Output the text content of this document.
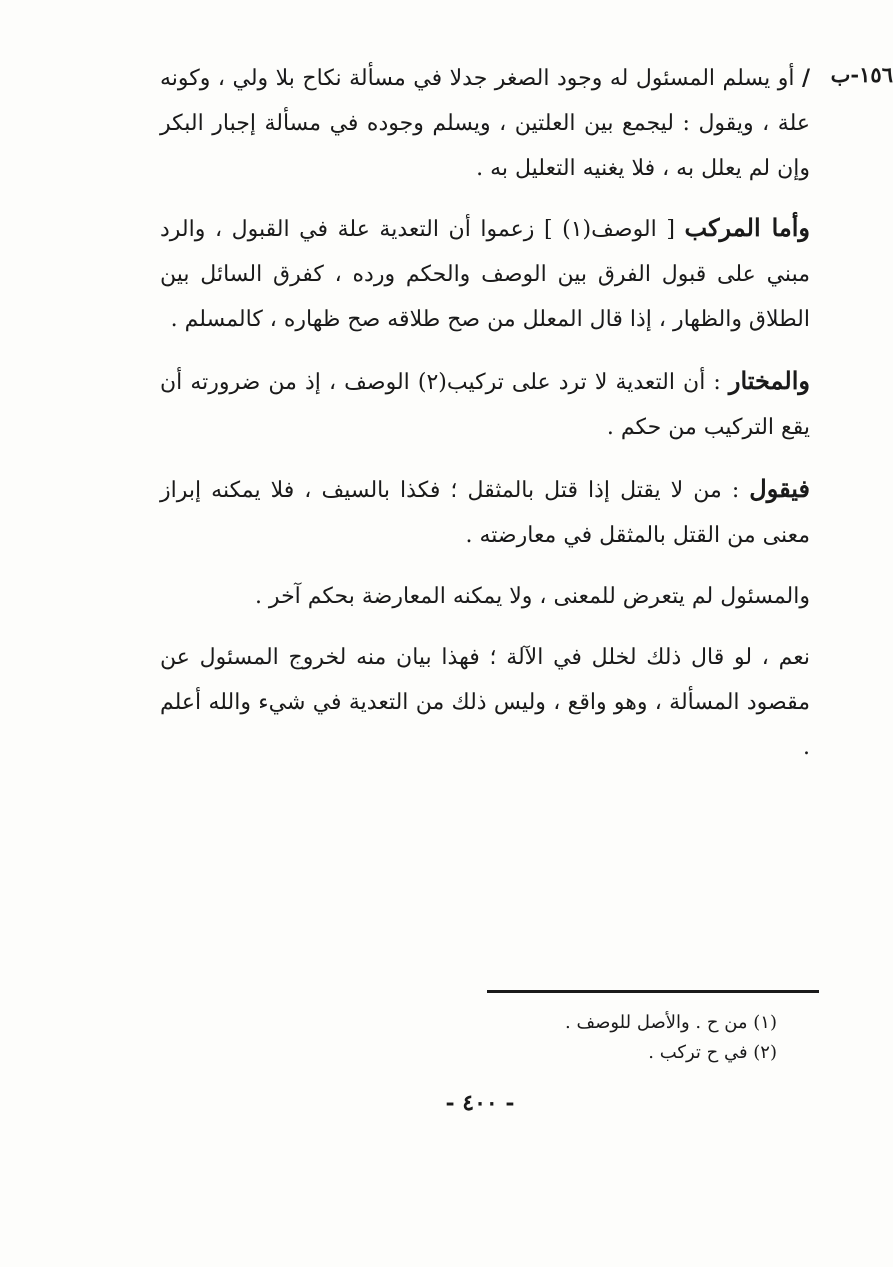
١٥٦-ب

/ أو يسلم المسئول له وجود الصغر جدلا في مسألة نكاح بلا ولي ، وكونه علة ، ويقول : ليجمع بين العلتين ، ويسلم وجوده في مسألة إجبار البكر وإن لم يعلل به ، فلا يغنيه التعليل به .

وأما المركب [ الوصف(١) ] زعموا أن التعدية علة في القبول ، والرد مبني على قبول الفرق بين الوصف والحكم ورده ، كفرق السائل بين الطلاق والظهار ، إذا قال المعلل من صح طلاقه صح ظهاره ، كالمسلم .

والمختار : أن التعدية لا ترد على تركيب(٢) الوصف ، إذ من ضرورته أن يقع التركيب من حكم .

فيقول : من لا يقتل إذا قتل بالمثقل ؛ فكذا بالسيف ، فلا يمكنه إبراز معنى من القتل بالمثقل في معارضته .

والمسئول لم يتعرض للمعنى ، ولا يمكنه المعارضة بحكم آخر .

نعم ، لو قال ذلك لخلل في الآلة ؛ فهذا بيان منه لخروج المسئول عن مقصود المسألة ، وهو واقع ، وليس ذلك من التعدية في شيء والله أعلم .

(١) من ح . والأصل للوصف .
(٢) في ح تركب .
- ٤٠٠ -
